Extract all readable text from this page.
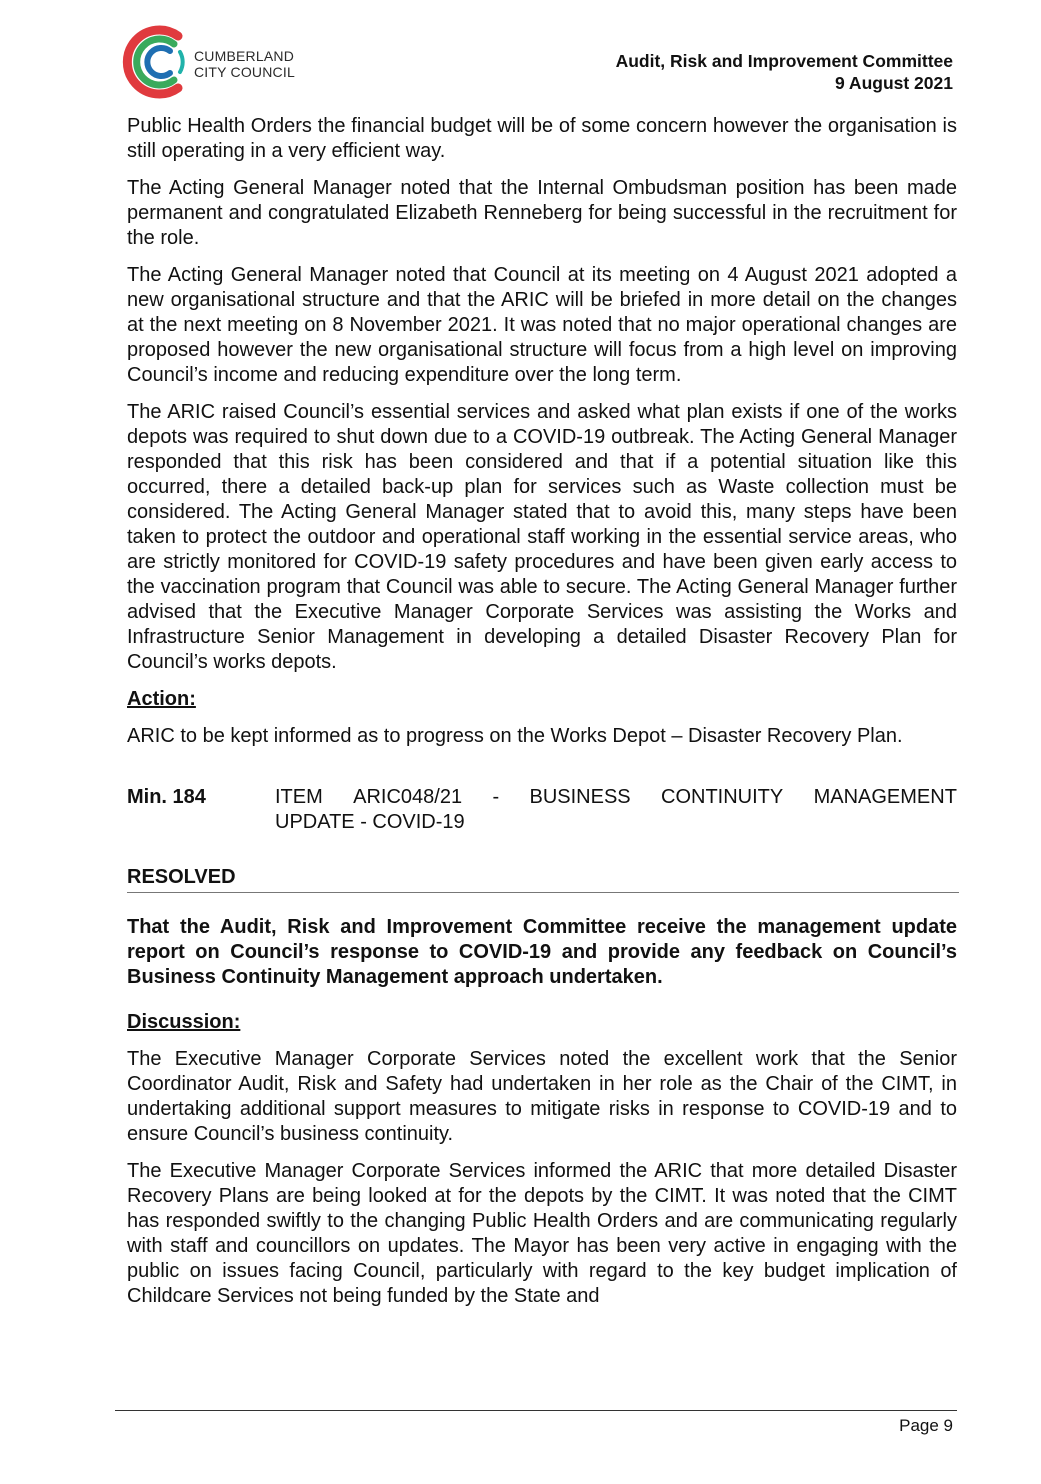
CUMBERLAND
CITY COUNCIL
Audit, Risk and Improvement Committee
9 August 2021

Public Health Orders the financial budget will be of some concern however the organisation is still operating in a very efficient way.

The Acting General Manager noted that the Internal Ombudsman position has been made permanent and congratulated Elizabeth Renneberg for being successful in the recruitment for the role.

The Acting General Manager noted that Council at its meeting on 4 August 2021 adopted a new organisational structure and that the ARIC will be briefed in more detail on the changes at the next meeting on 8 November 2021. It was noted that no major operational changes are proposed however the new organisational structure will focus from a high level on improving Council’s income and reducing expenditure over the long term.

The ARIC raised Council’s essential services and asked what plan exists if one of the works depots was required to shut down due to a COVID-19 outbreak. The Acting General Manager responded that this risk has been considered and that if a potential situation like this occurred, there a detailed back-up plan for services such as Waste collection must be considered. The Acting General Manager stated that to avoid this, many steps have been taken to protect the outdoor and operational staff working in the essential service areas, who are strictly monitored for COVID-19 safety procedures and have been given early access to the vaccination program that Council was able to secure. The Acting General Manager further advised that the Executive Manager Corporate Services was assisting the Works and Infrastructure Senior Management in developing a detailed Disaster Recovery Plan for Council’s works depots.

Action:

ARIC to be kept informed as to progress on the Works Depot – Disaster Recovery Plan.

Min. 184	ITEM ARIC048/21 - BUSINESS CONTINUITY MANAGEMENT
UPDATE - COVID-19
RESOLVED

That the Audit, Risk and Improvement Committee receive the management update report on Council’s response to COVID-19 and provide any feedback on Council’s Business Continuity Management approach undertaken.

Discussion:

The Executive Manager Corporate Services noted the excellent work that the Senior Coordinator Audit, Risk and Safety had undertaken in her role as the Chair of the CIMT, in undertaking additional support measures to mitigate risks in response to COVID-19 and to ensure Council’s business continuity.

The Executive Manager Corporate Services informed the ARIC that more detailed Disaster Recovery Plans are being looked at for the depots by the CIMT. It was noted that the CIMT has responded swiftly to the changing Public Health Orders and are communicating regularly with staff and councillors on updates. The Mayor has been very active in engaging with the public on issues facing Council, particularly with regard to the key budget implication of Childcare Services not being funded by the State and

Page 9
